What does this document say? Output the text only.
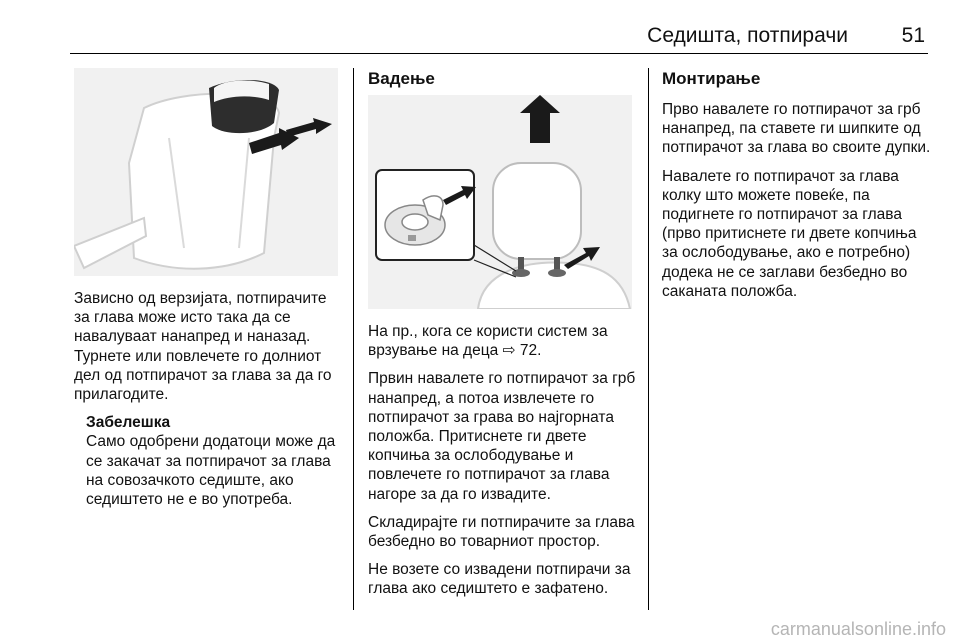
Седишта, потпирачи	51

Зависно од верзијата, потпирачите за глава може исто така да се навалуваат нанапред и наназад. Турнете или повлечете го долниот дел од потпирачот за глава за да го прилагодите.

Забелешка
Само одобрени додатоци може да се закачат за потпирачот за глава на совозачкото седиште, ако седиштето не е во употреба.
Вадење

На пр., кога се користи систем за врзување на деца ⇨ 72.

Првин навалете го потпирачот за грб нанапред, а потоа извлечете го потпирачот за грава во најгорната положба. Притиснете ги двете копчиња за ослободување и повлечете го потпирачот за глава нагоре за да го извадите.

Складирајте ги потпирачите за глава безбедно во товарниот простор.

Не возете со извадени потпирачи за глава ако седиштето е зафатено.

Монтирање

Прво навалете го потпирачот за грб нанапред, па ставете ги шипките од потпирачот за глава во своите дупки.

Навалете го потпирачот за глава колку што можете повеќе, па подигнете го потпирачот за глава (прво притиснете ги двете копчиња за ослободување, ако е потребно) додека не се заглави безбедно во саканата положба.

carmanualsonline.info
